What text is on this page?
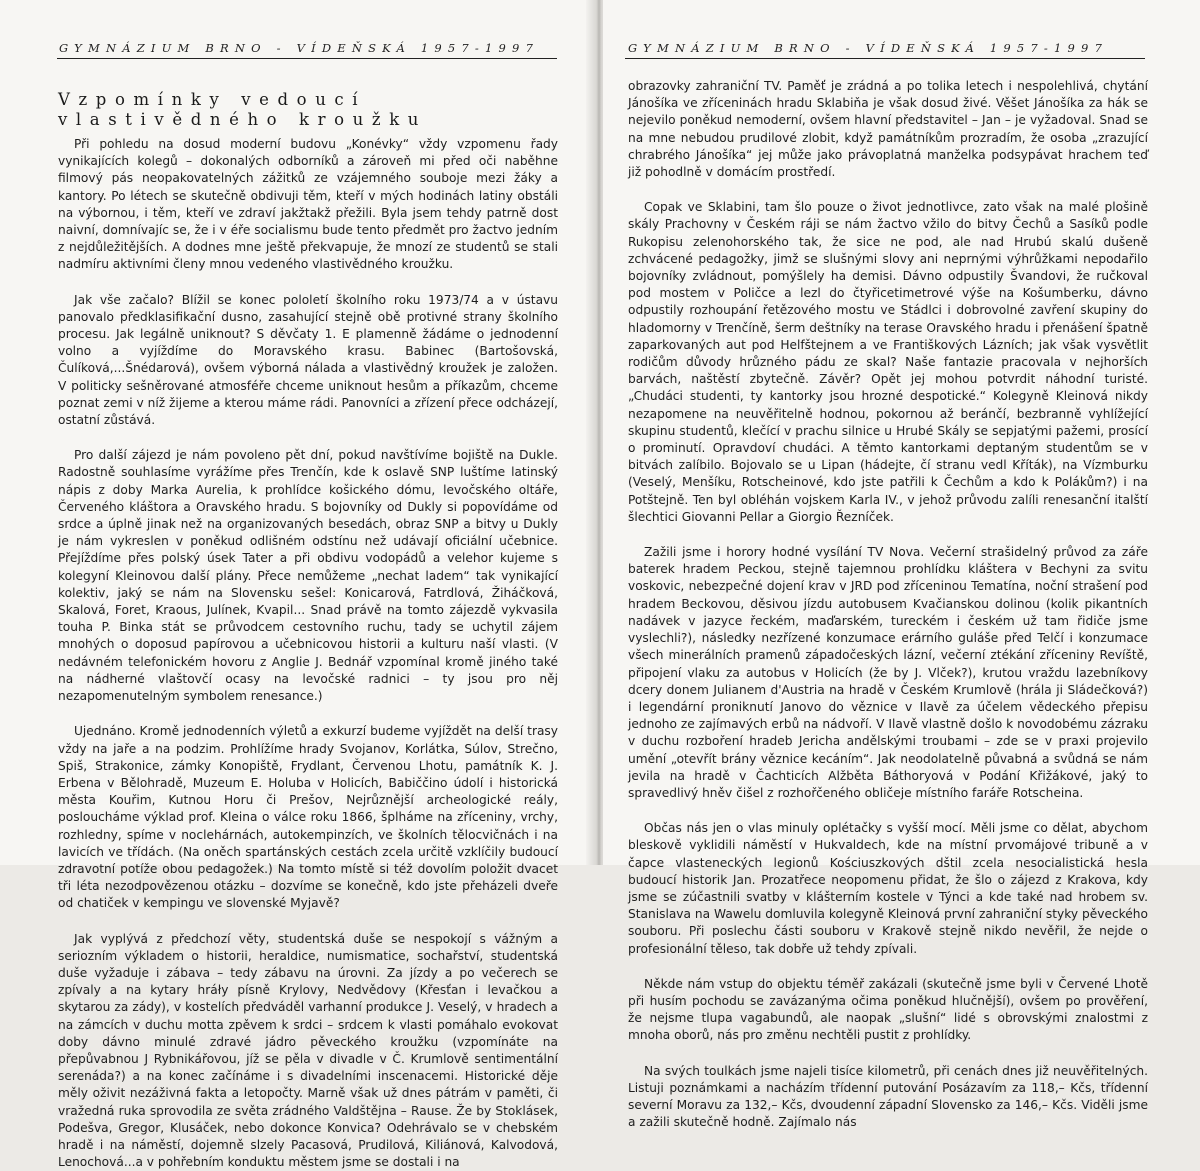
GYMNÁZIUM BRNO - VÍDEŇSKÁ 1957-1997
Vzpomínky vedoucí
vlastivědného kroužku

Při pohledu na dosud moderní budovu „Konévky“ vždy vzpomenu řady vynikajících kolegů – dokonalých odborníků a zároveň mi před oči naběhne filmový pás neopakovatelných zážitků ze vzájemného souboje mezi žáky a kantory. Po létech se skutečně obdivuji těm, kteří v mých hodinách latiny obstáli na výbornou, i těm, kteří ve zdraví jakžtakž přežili. Byla jsem tehdy patrně dost naivní, domnívajíc se, že i v éře socialismu bude tento předmět pro žactvo jedním z nejdůležitějších. A dodnes mne ještě překvapuje, že mnozí ze studentů se stali nadmíru aktivními členy mnou vedeného vlastivědného kroužku.

Jak vše začalo? Blížil se konec pololetí školního roku 1973/74 a v ústavu panovalo předklasifikační dusno, zasahující stejně obě protivné strany školního procesu. Jak legálně uniknout? S děvčaty 1. E plamenně žádáme o jednodenní volno a vyjíždíme do Moravského krasu. Babinec (Bartošovská, Čulíková,...Šnédarová), ovšem výborná nálada a vlastivědný kroužek je založen. V politicky sešněrované atmosféře chceme uniknout hesům a příkazům, chceme poznat zemi v níž žijeme a kterou máme rádi. Panovníci a zřízení přece odcházejí, ostatní zůstává.

Pro další zájezd je nám povoleno pět dní, pokud navštívíme bojiště na Dukle. Radostně souhlasíme vyrážíme přes Trenčín, kde k oslavě SNP luštíme latinský nápis z doby Marka Aurelia, k prohlídce košického dómu, levočského oltáře, Červeného kláštora a Oravského hradu. S bojovníky od Dukly si popovídáme od srdce a úplně jinak než na organizovaných besedách, obraz SNP a bitvy u Dukly je nám vykreslen v poněkud odlišném odstínu než udávají oficiální učebnice. Přejíždíme přes polský úsek Tater a při obdivu vodopádů a velehor kujeme s kolegyní Kleinovou další plány. Přece nemůžeme „nechat ladem“ tak vynikající kolektiv, jaký se nám na Slovensku sešel: Konicarová, Fatrdlová, Žiháčková, Skalová, Foret, Kraous, Julínek, Kvapil... Snad právě na tomto zájezdě vykvasila touha P. Binka stát se průvodcem cestovního ruchu, tady se uchytil zájem mnohých o doposud papírovou a učebnicovou historii a kulturu naší vlasti. (V nedávném telefonickém hovoru z Anglie J. Bednář vzpomínal kromě jiného také na nádherné vlaštovčí ocasy na levočské radnici – ty jsou pro něj nezapomenutelným symbolem renesance.)

Ujednáno. Kromě jednodenních výletů a exkurzí budeme vyjíždět na delší trasy vždy na jaře a na podzim. Prohlížíme hrady Svojanov, Korlátka, Súlov, Strečno, Spiš, Strakonice, zámky Konopiště, Frydlant, Červenou Lhotu, památník K. J. Erbena v Bělohradě, Muzeum E. Holuba v Holicích, Babiččino údolí i historická města Kouřim, Kutnou Horu či Prešov, Nejrůznější archeologické reály, posloucháme výklad prof. Kleina o válce roku 1866, šplháme na zříceniny, vrchy, rozhledny, spíme v noclehárnách, autokempinzích, ve školních tělocvičnách i na lavicích ve třídách. (Na oněch spartánských cestách zcela určitě vzklíčily budoucí zdravotní potíže obou pedagožek.) Na tomto místě si též dovolím položit dvacet tři léta nezodpovězenou otázku – dozvíme se konečně, kdo jste přeházeli dveře od chatiček v kempingu ve slovenské Myjavě?

Jak vyplývá z předchozí věty, studentská duše se nespokojí s vážným a seriozním výkladem o historii, heraldice, numismatice, sochařství, studentská duše vyžaduje i zábava – tedy zábavu na úrovni. Za jízdy a po večerech se zpívaly a na kytary hráły písně Krylovy, Nedvědovy (Křesťan i levačkou a skytarou za zády), v kostelích předváděl varhanní produkce J. Veselý, v hradech a na zámcích v duchu motta zpěvem k srdci – srdcem k vlasti pomáhalo evokovat doby dávno minulé zdravé jádro pěveckého kroužku (vzpomínáte na přepůvabnou J Rybnikářovou, jíž se pěla v divadle v Č. Krumlově sentimentální serenáda?) a na konec začínáme i s divadelními inscenacemi. Historické děje měly oživit nezáživná fakta a letopočty. Marně však už dnes pátrám v paměti, či vražedná ruka sprovodila ze světa zrádného Valdštějna – Rause. Že by Stoklásek, Podešva, Gregor, Klusáček, nebo dokonce Konvica? Odehrávalo se v chebském hradě i na náměstí, dojemně slzely Pacasová, Prudilová, Kiliánová, Kalvodová, Lenochová...a v pohřebním konduktu městem jsme se dostali i na

GYMNÁZIUM BRNO - VÍDEŇSKÁ 1957-1997

obrazovky zahraniční TV. Paměť je zrádná a po tolika letech i nespolehlivá, chytání Jánošíka ve zříceninách hradu Sklabiňa je však dosud živé. Věšet Jánošíka za hák se nejevilo poněkud nemoderní, ovšem hlavní představitel – Jan – je vyžadoval. Snad se na mne nebudou prudilové zlobit, když památníkům prozradím, že osoba „zrazující chrabrého Jánošíka“ jej může jako právoplatná manželka podsypávat hrachem teď již pohodlně v domácím prostředí.

Copak ve Sklabini, tam šlo pouze o život jednotlivce, zato však na malé plošině skály Prachovny v Českém ráji se nám žactvo vžilo do bitvy Čechů a Sasíků podle Rukopisu zelenohorského tak, že sice ne pod, ale nad Hrubú skalú dušeně zchvácené pedagožky, jimž se slušnými slovy ani neprnými výhrůžkami nepodařilo bojovníky zvládnout, pomýšlely ha demisi. Dávno odpustily Švandovi, že ručkoval pod mostem v Poličce a lezl do čtyřicetimetrové výše na Košumberku, dávno odpustily rozhoupání řetězového mostu ve Stádlci i dobrovolné zavření skupiny do hladomorny v Trenčíně, šerm deštníky na terase Oravského hradu i přenášení špatně zaparkovaných aut pod Helfštejnem a ve Františkových Lázních; jak však vysvětlit rodičům důvody hrůzného pádu ze skal? Naše fantazie pracovala v nejhorších barvách, naštěstí zbytečně. Závěr? Opět jej mohou potvrdit náhodní turisté. „Chudáci studenti, ty kantorky jsou hrozné despotické.“ Kolegyně Kleinová nikdy nezapomene na neuvěřitelně hodnou, pokornou až beránčí, bezbranně vyhlížející skupinu studentů, klečící v prachu silnice u Hrubé Skály se sepjatými pažemi, prosící o prominutí. Opravdoví chudáci. A těmto kantorkami deptaným studentům se v bitvách zalíbilo. Bojovalo se u Lipan (hádejte, čí stranu vedl Kříták), na Vízmburku (Veselý, Menšíku, Rotscheinové, kdo jste patřili k Čechům a kdo k Polákům?) i na Potštejně. Ten byl obléhán vojskem Karla IV., v jehož průvodu zalíli renesanční italští šlechtici Giovanni Pellar a Giorgio Řezníček.

Zažili jsme i horory hodné vysílání TV Nova. Večerní strašidelný průvod za záře baterek hradem Peckou, stejně tajemnou prohlídku kláštera v Bechyni za svitu voskovic, nebezpečné dojení krav v JRD pod zříceninou Tematína, noční strašení pod hradem Beckovou, děsivou jízdu autobusem Kvačianskou dolinou (kolik pikantních nadávek v jazyce řeckém, maďarském, tureckém i českém už tam řidiče jsme vyslechli?), následky nezřízené konzumace erárního guláše před Telčí i konzumace všech minerálních pramenů západočeských lázní, večerní ztékání zříceniny Revíště, připojení vlaku za autobus v Holicích (že by J. Vlček?), krutou vraždu lazebníkovy dcery donem Julianem d'Austria na hradě v Českém Krumlově (hrála ji Sládečková?) i legendární proniknutí Janovo do věznice v Ilavě za účelem vědeckého přepisu jednoho ze zajímavých erbů na nádvoří. V Ilavě vlastně došlo k novodobému zázraku v duchu rozboření hradeb Jericha andělskými troubami – zde se v praxi projevilo umění „otevřít brány věznice kecáním“. Jak neodolatelně půvabná a svůdná se nám jevila na hradě v Čachticích Alžběta Báthoryová v Podání Křižákové, jaký to spravedlivý hněv čišel z rozhořčeného obličeje místního faráře Rotscheina.

Občas nás jen o vlas minuly oplétačky s vyšší mocí. Měli jsme co dělat, abychom bleskově vyklidili náměstí v Hukvaldech, kde na místní prvomájové tribuně a v čapce vlasteneckých legionů Kościuszkových dštil zcela nesocialistická hesla budoucí historik Jan. Prozatřece neopomenu přidat, že šlo o zájezd z Krakova, kdy jsme se zúčastnili svatby v klášterním kostele v Týnci a kde také nad hrobem sv. Stanislava na Wawelu domluvila kolegyně Kleinová první zahraniční styky pěveckého souboru. Při poslechu části souboru v Krakově stejně nikdo nevěřil, že nejde o profesionální těleso, tak dobře už tehdy zpívali.

Někde nám vstup do objektu téměř zakázali (skutečně jsme byli v Červené Lhotě při husím pochodu se zavázanýma očima poněkud hlučnější), ovšem po prověření, že nejsme tlupa vagabundů, ale naopak „slušní“ lidé s obrovskými znalostmi z mnoha oborů, nás pro změnu nechtěli pustit z prohlídky.

Na svých toulkách jsme najeli tisíce kilometrů, při cenách dnes již neuvěřitelných. Listuji poznámkami a nacházím třídenní putování Posázavím za 118,– Kčs, třídenní severní Moravu za 132,– Kčs, dvoudenní západní Slovensko za 146,– Kčs. Viděli jsme a zažili skutečně hodně. Zajímalo nás
